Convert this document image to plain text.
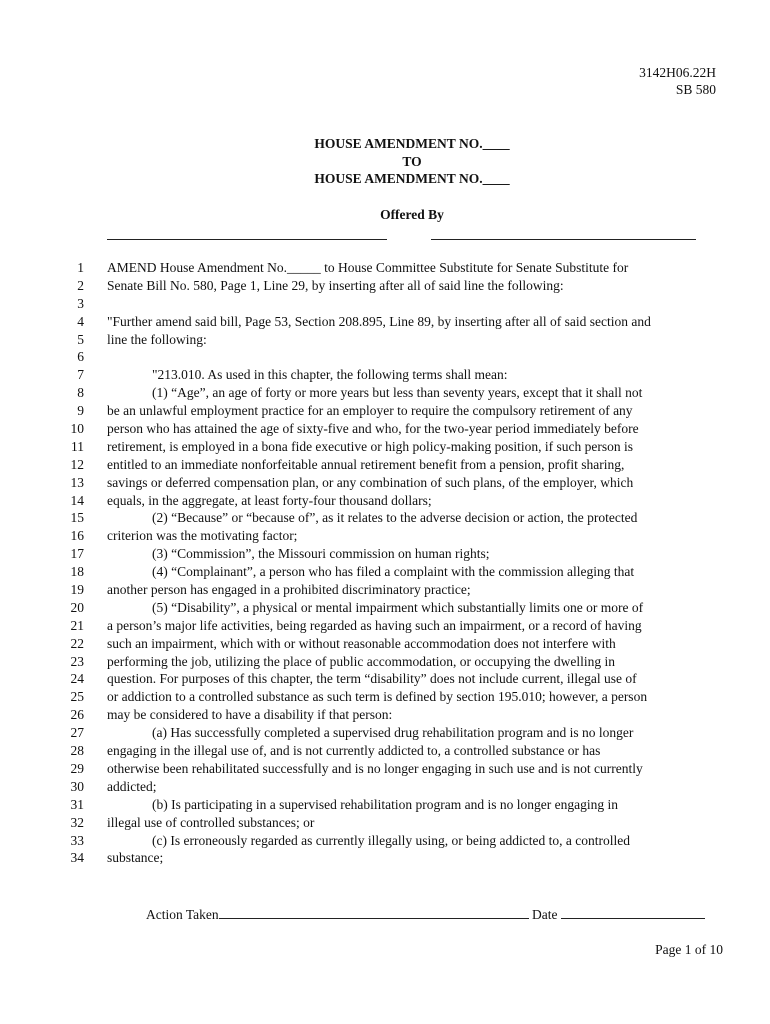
3142H06.22H
SB 580
HOUSE AMENDMENT NO.____
TO
HOUSE AMENDMENT NO.____
Offered By
1 AMEND House Amendment No._____ to House Committee Substitute for Senate Substitute for
2 Senate Bill No. 580, Page 1, Line 29, by inserting after all of said line the following:
3
4 "Further amend said bill, Page 53, Section 208.895, Line 89, by inserting after all of said section and
5 line the following:
6
7	"213.010. As used in this chapter, the following terms shall mean:
8	(1) “Age”, an age of forty or more years but less than seventy years, except that it shall not
9 be an unlawful employment practice for an employer to require the compulsory retirement of any
10 person who has attained the age of sixty-five and who, for the two-year period immediately before
11 retirement, is employed in a bona fide executive or high policy-making position, if such person is
12 entitled to an immediate nonforfeitable annual retirement benefit from a pension, profit sharing,
13 savings or deferred compensation plan, or any combination of such plans, of the employer, which
14 equals, in the aggregate, at least forty-four thousand dollars;
15	(2) “Because” or “because of”, as it relates to the adverse decision or action, the protected
16 criterion was the motivating factor;
17	(3) “Commission”, the Missouri commission on human rights;
18	(4) “Complainant”, a person who has filed a complaint with the commission alleging that
19 another person has engaged in a prohibited discriminatory practice;
20	(5) “Disability”, a physical or mental impairment which substantially limits one or more of
21 a person’s major life activities, being regarded as having such an impairment, or a record of having
22 such an impairment, which with or without reasonable accommodation does not interfere with
23 performing the job, utilizing the place of public accommodation, or occupying the dwelling in
24 question. For purposes of this chapter, the term “disability” does not include current, illegal use of
25 or addiction to a controlled substance as such term is defined by section 195.010; however, a person
26 may be considered to have a disability if that person:
27	(a) Has successfully completed a supervised drug rehabilitation program and is no longer
28 engaging in the illegal use of, and is not currently addicted to, a controlled substance or has
29 otherwise been rehabilitated successfully and is no longer engaging in such use and is not currently
30 addicted;
31	(b) Is participating in a supervised rehabilitation program and is no longer engaging in
32 illegal use of controlled substances; or
33	(c) Is erroneously regarded as currently illegally using, or being addicted to, a controlled
34 substance;
Action Taken	Date
Page 1 of 10
